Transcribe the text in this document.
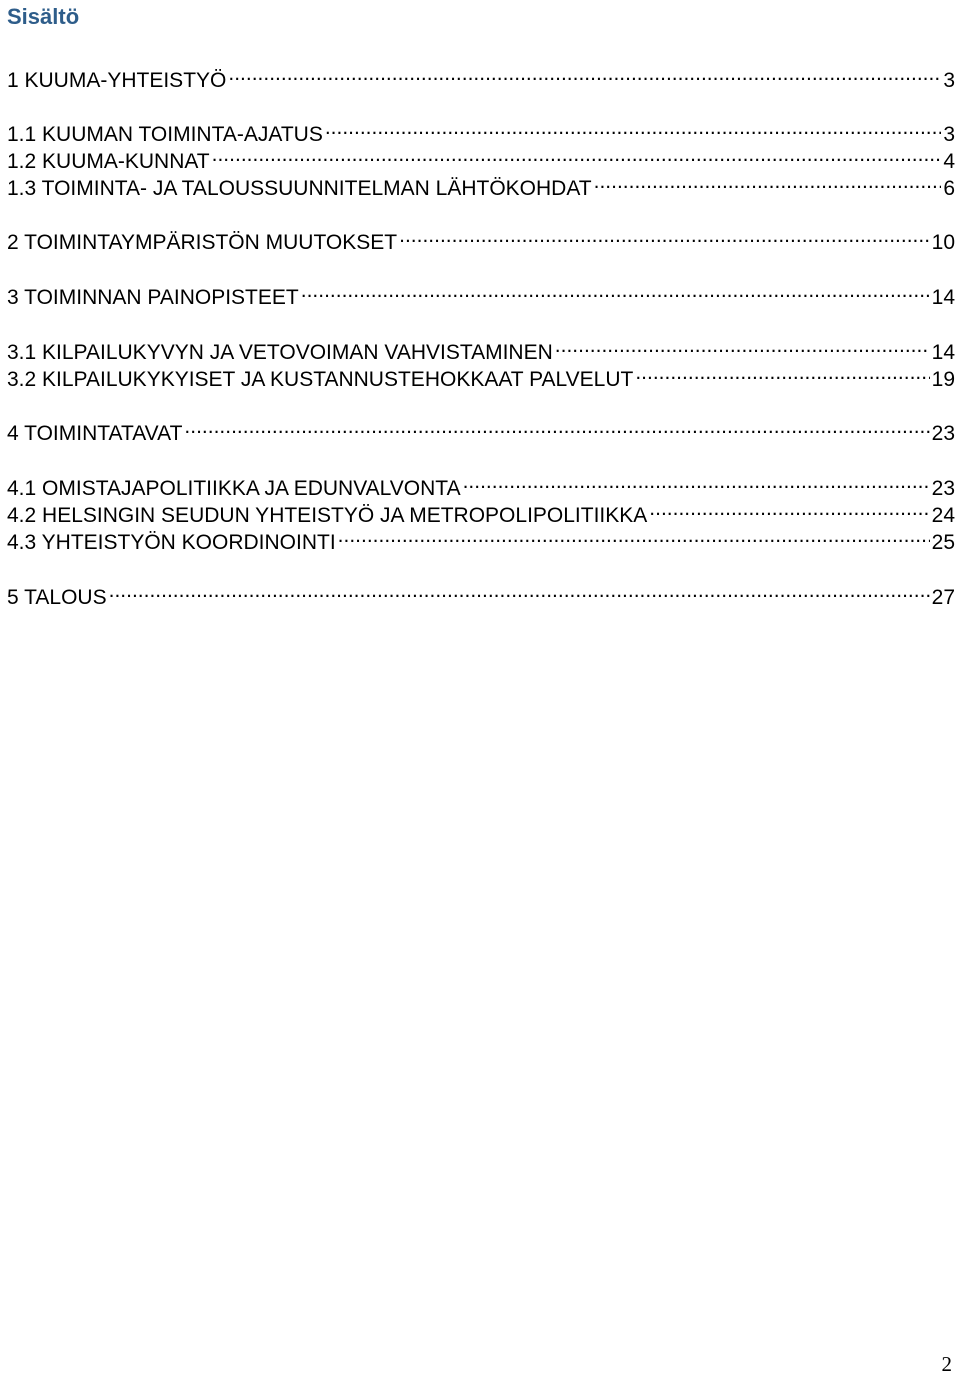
Sisältö
1 KUUMA-YHTEISTYÖ .....	3
1.1 KUUMAN TOIMINTA-AJATUS .....	3
1.2 KUUMA-KUNNAT .....	4
1.3 TOIMINTA- JA TALOUSSUUNNITELMAN LÄHTÖKOHDAT .....	6
2 TOIMINTAYMPÄRISTÖN MUUTOKSET .....	10
3 TOIMINNAN PAINOPISTEET .....	14
3.1 KILPAILUKYVYN JA VETOVOIMAN VAHVISTAMINEN .....	14
3.2 KILPAILUKYKYISET JA KUSTANNUSTEHOKKAAT PALVELUT .....	19
4 TOIMINTATAVAT .....	23
4.1 OMISTAJAPOLITIIKKA JA EDUNVALVONTA .....	23
4.2 HELSINGIN SEUDUN YHTEISTYÖ JA METROPOLIPOLITIIKKA .....	24
4.3 YHTEISTYÖN KOORDINOINTI .....	25
5 TALOUS .....	27
2
